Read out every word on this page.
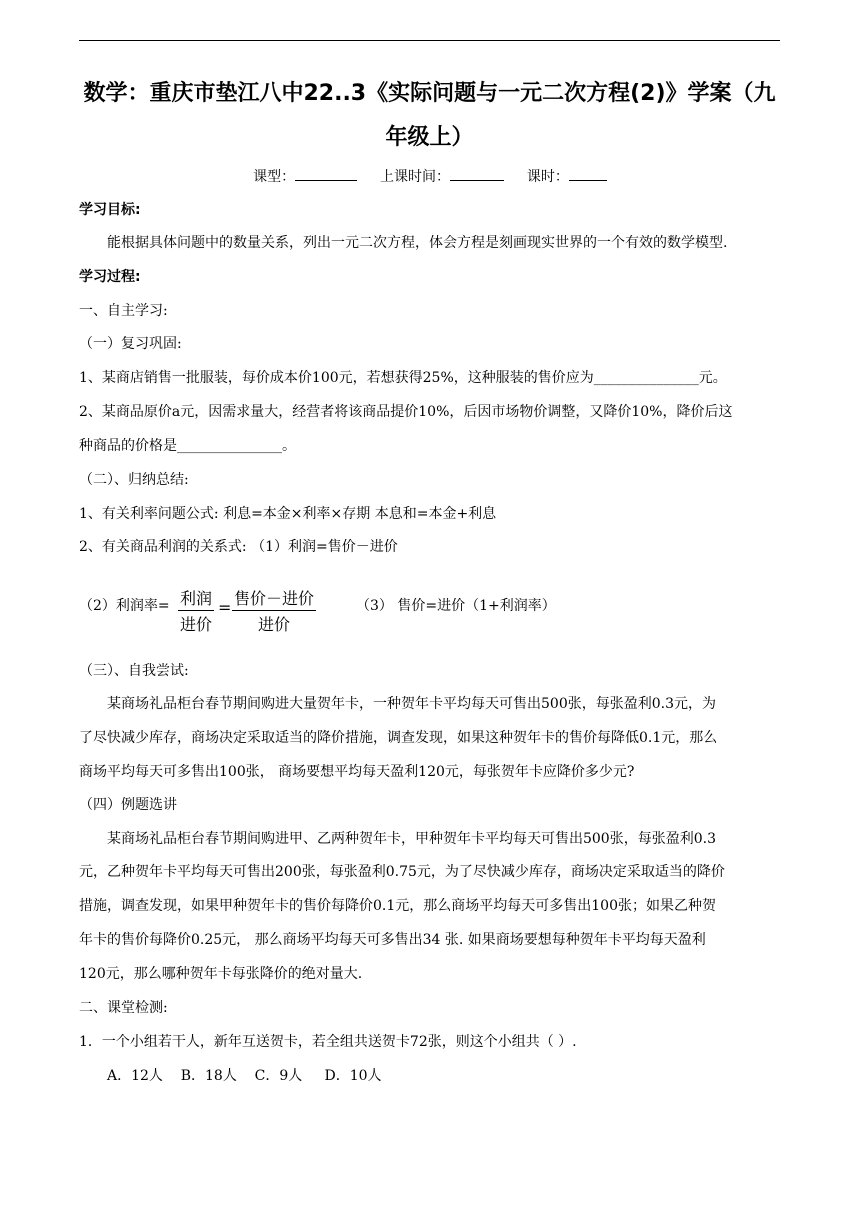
数学：重庆市垫江八中22..3《实际问题与一元二次方程(2)》学案（九
年级上）
课型：	上课时间：	课时：
学习目标:
能根据具体问题中的数量关系，列出一元二次方程，体会方程是刻画现实世界的一个有效的数学模型.
学习过程:
一、自主学习:
（一）复习巩固:
1、某商店销售一批服装，每价成本价100元，若想获得25%，这种服装的售价应为_______________元。
2、某商品原价a元，因需求量大，经营者将该商品提价10%，后因市场物价调整，又降价10%，降价后这
种商品的价格是_______________。
（二）、归纳总结:
1、有关利率问题公式: 利息=本金×利率×存期 本息和=本金+利息
2、有关商品利润的关系式: （1）利润=售价－进价
（2）利润率= 利润
进价
= 售价－进价
进价
（3） 售价=进价（1+利润率）
（三）、自我尝试:
某商场礼品柜台春节期间购进大量贺年卡，一种贺年卡平均每天可售出500张，每张盈利0.3元，为
了尽快减少库存，商场决定采取适当的降价措施，调查发现，如果这种贺年卡的售价每降低0.1元，那么
商场平均每天可多售出100张， 商场要想平均每天盈利120元，每张贺年卡应降价多少元?
（四）例题选讲
某商场礼品柜台春节期间购进甲、乙两种贺年卡，甲种贺年卡平均每天可售出500张，每张盈利0.3
元，乙种贺年卡平均每天可售出200张，每张盈利0.75元，为了尽快减少库存，商场决定采取适当的降价
措施，调查发现，如果甲种贺年卡的售价每降价0.1元，那么商场平均每天可多售出100张；如果乙种贺
年卡的售价每降价0.25元， 那么商场平均每天可多售出34 张. 如果商场要想每种贺年卡平均每天盈利
120元，那么哪种贺年卡每张降价的绝对量大.
二、课堂检测:
1．一个小组若干人，新年互送贺卡，若全组共送贺卡72张，则这个小组共（ ）.
A．12人    B．18人    C．9人     D．10人
